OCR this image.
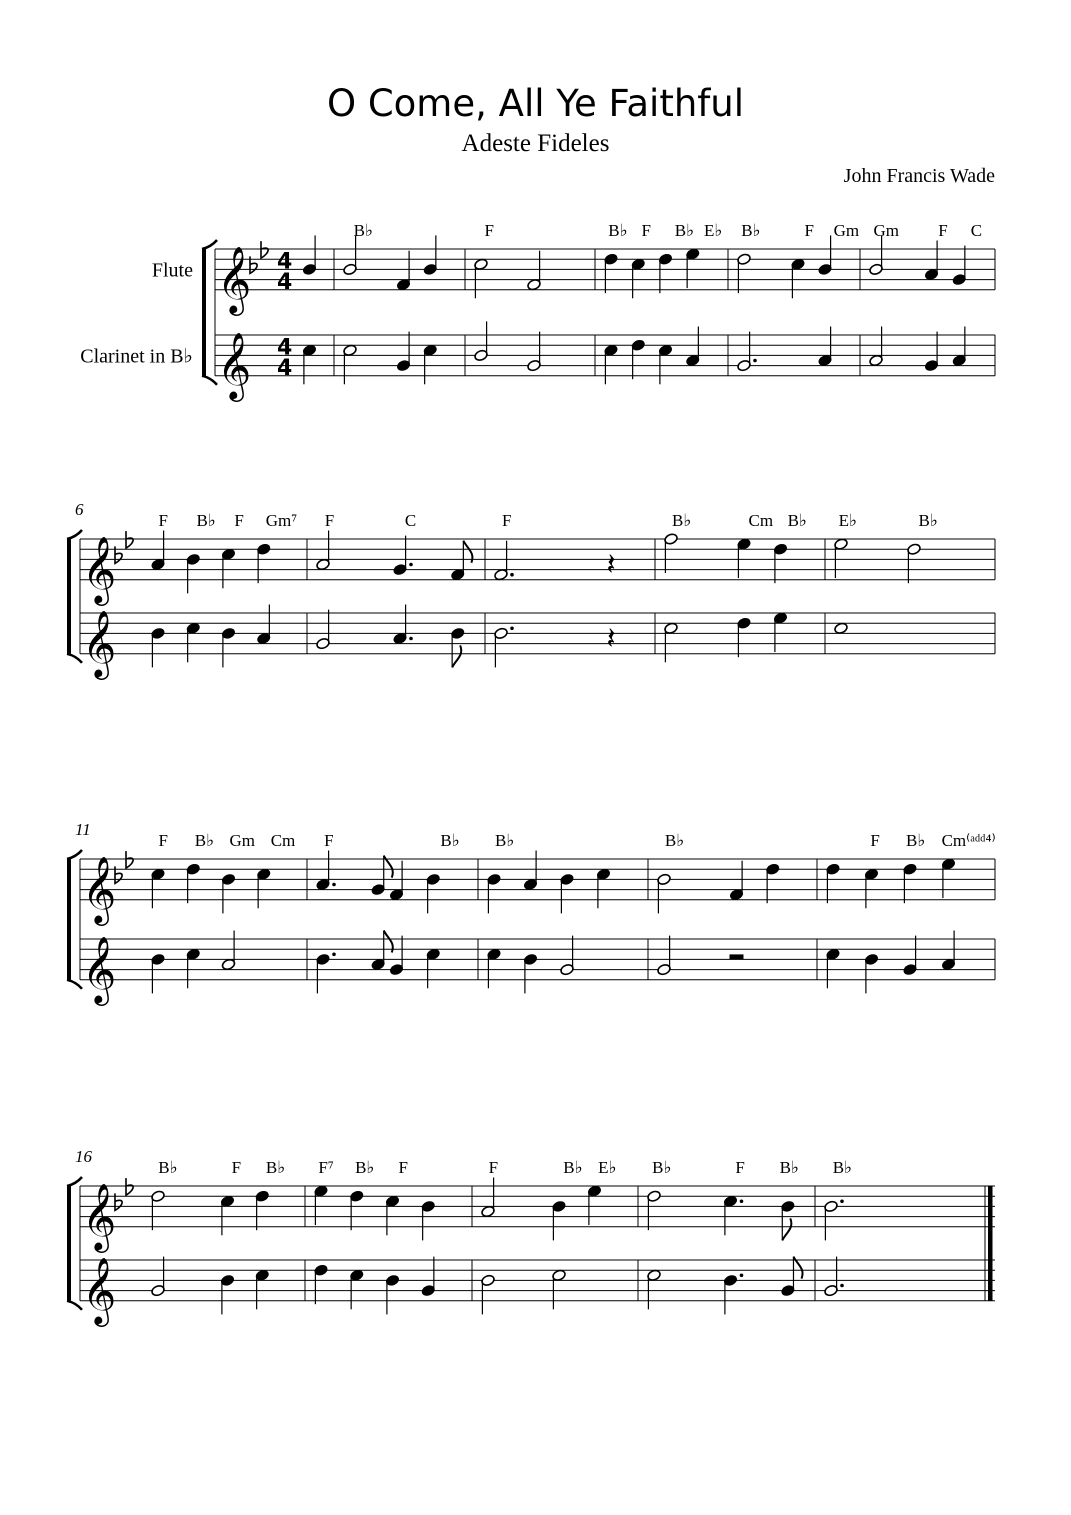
O Come, All Ye Faithful
Adeste Fideles
John Francis Wade
𝄞
𝄞
Flute
Clarinet in B♭
4
4
4
4
B♭	F	B♭ F B♭ E♭ B♭	F Gm Gm F C
𝄞
𝄞
6
F B♭ F Gm⁷ F	C	F
𝄽
𝄽
B♭	Cm B♭ E♭	B♭
𝄞
𝄞
11
F B♭ Gm Cm F	B♭ B♭	B♭	F B♭ Cm⁽ᵃᵈᵈ⁴⁾
𝄞
𝄞
16
B♭	F B♭ F⁷ B♭ F	F	B♭ E♭ B♭	F B♭ B♭
